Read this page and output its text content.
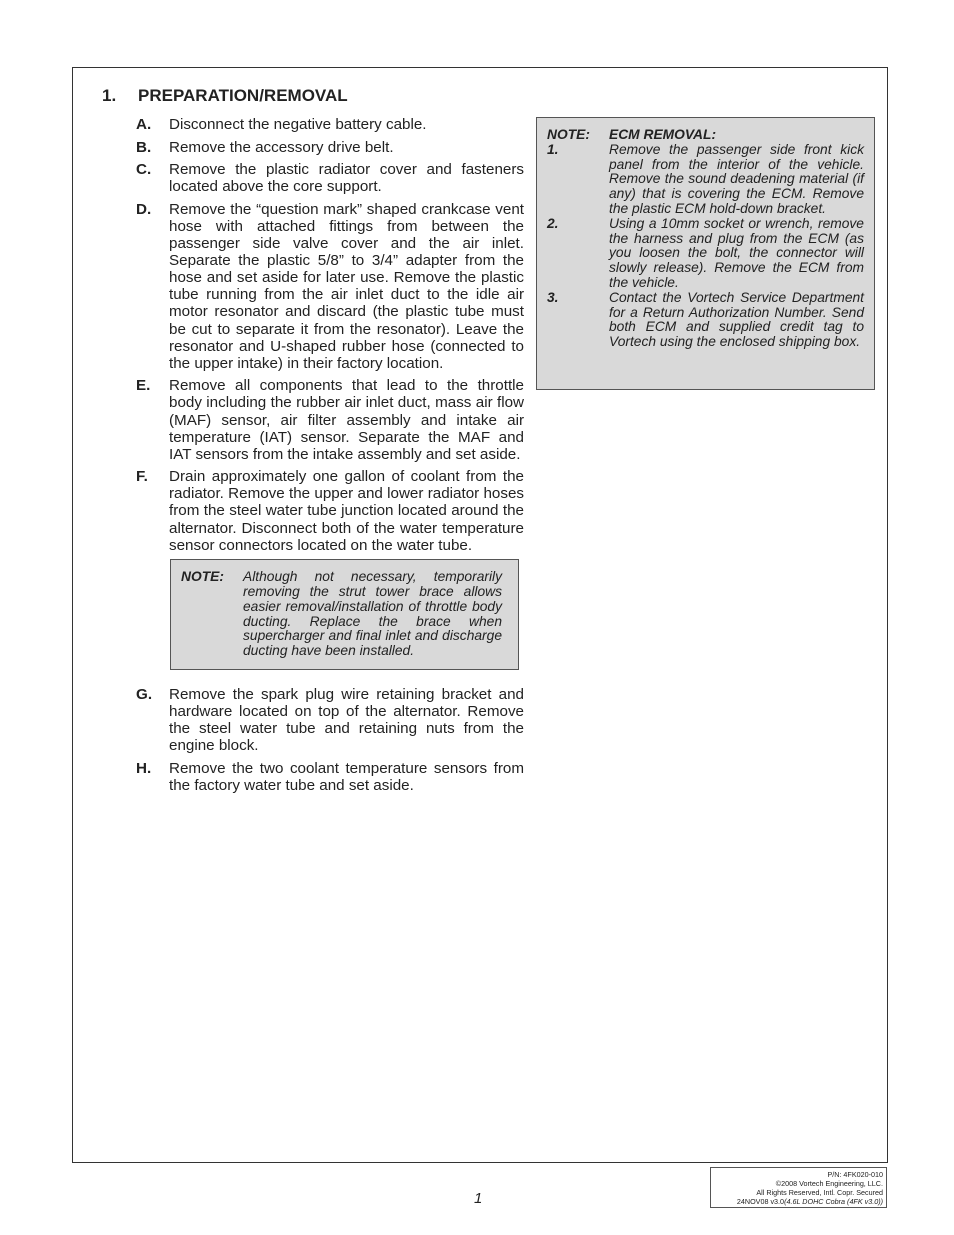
1. PREPARATION/REMOVAL
A.	Disconnect the negative battery cable.
B.	Remove the accessory drive belt.
C.	Remove the plastic radiator cover and fasteners located above the core support.
D.	Remove the “question mark” shaped crankcase vent hose with attached fittings from between the passenger side valve cover and the air inlet. Separate the plastic 5/8” to 3/4” adapter from the hose and set aside for later use. Remove the plastic tube running from the air inlet duct to the idle air motor resonator and discard (the plastic tube must be cut to separate it from the resonator). Leave the resonator and U-shaped rubber hose (connected to the upper intake) in their factory location.
E.	Remove all components that lead to the throttle body including the rubber air inlet duct, mass air flow (MAF) sensor, air filter assembly and intake air temperature (IAT) sensor. Separate the MAF and IAT sensors from the intake assembly and set aside.
F.	Drain approximately one gallon of coolant from the radiator. Remove the upper and lower radiator hoses from the steel water tube junction located around the alternator. Disconnect both of the water temperature sensor connectors located on the water tube.
NOTE:	Although not necessary, temporarily removing the strut tower brace allows easier removal/installation of throttle body ducting. Replace the brace when supercharger and final inlet and discharge ducting have been installed.
G.	Remove the spark plug wire retaining bracket and hardware located on top of the alternator. Remove the steel water tube and retaining nuts from the engine block.
H.	Remove the two coolant temperature sensors from the factory water tube and set aside.
NOTE:	ECM REMOVAL:
1.	Remove the passenger side front kick panel from the interior of the vehicle. Remove the sound deadening material (if any) that is covering the ECM. Remove the plastic ECM hold-down bracket.
2.	Using a 10mm socket or wrench, remove the harness and plug from the ECM (as you loosen the bolt, the connector will slowly release). Remove the ECM from the vehicle.
3.	Contact the Vortech Service Department for a Return Authorization Number. Send both ECM and supplied credit tag to Vortech using the enclosed shipping box.
1
P/N: 4FK020-010
©2008 Vortech Engineering, LLC.
All Rights Reserved, Intl. Copr. Secured
24NOV08 v3.0(4.6L DOHC Cobra (4FK v3.0))
